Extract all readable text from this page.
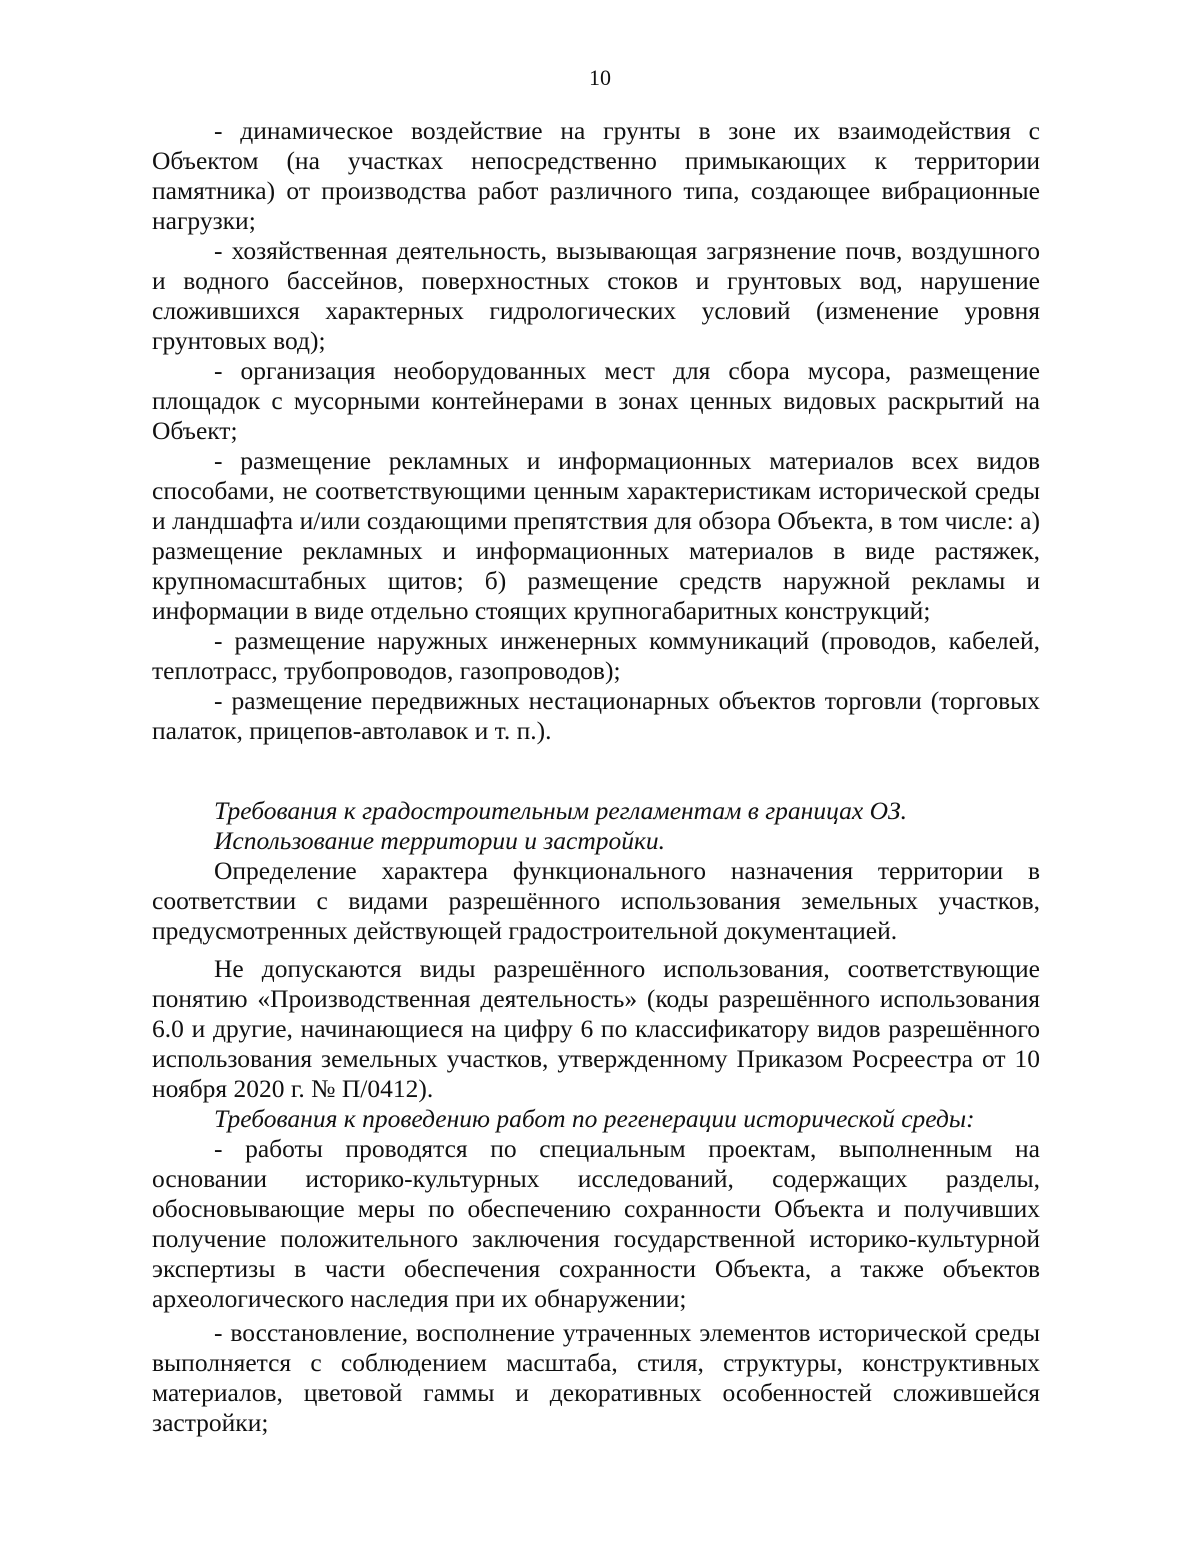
10

- динамическое воздействие на грунты в зоне их взаимодействия с Объектом (на участках непосредственно примыкающих к территории памятника) от производства работ различного типа, создающее вибрационные нагрузки;

- хозяйственная деятельность, вызывающая загрязнение почв, воздушного и водного бассейнов, поверхностных стоков и грунтовых вод, нарушение сложившихся характерных гидрологических условий (изменение уровня грунтовых вод);

- организация необорудованных мест для сбора мусора, размещение площадок с мусорными контейнерами в зонах ценных видовых раскрытий на Объект;

- размещение рекламных и информационных материалов всех видов способами, не соответствующими ценным характеристикам исторической среды и ландшафта и/или создающими препятствия для обзора Объекта, в том числе: а) размещение рекламных и информационных материалов в виде растяжек, крупномасштабных щитов; б) размещение средств наружной рекламы и информации в виде отдельно стоящих крупногабаритных конструкций;

- размещение наружных инженерных коммуникаций (проводов, кабелей, теплотрасс, трубопроводов, газопроводов);

- размещение передвижных нестационарных объектов торговли (торговых палаток, прицепов-автолавок и т. п.).

Требования к градостроительным регламентам в границах ОЗ.

Использование территории и застройки.

Определение характера функционального назначения территории в соответствии с видами разрешённого использования земельных участков, предусмотренных действующей градостроительной документацией.

Не допускаются виды разрешённого использования, соответствующие понятию «Производственная деятельность» (коды разрешённого использования 6.0 и другие, начинающиеся на цифру 6 по классификатору видов разрешённого использования земельных участков, утвержденному Приказом Росреестра от 10 ноября 2020 г. № П/0412).

Требования к проведению работ по регенерации исторической среды:

- работы проводятся по специальным проектам, выполненным на основании историко-культурных исследований, содержащих разделы, обосновывающие меры по обеспечению сохранности Объекта и получивших получение положительного заключения государственной историко-культурной экспертизы в части обеспечения сохранности Объекта, а также объектов археологического наследия при их обнаружении;

- восстановление, восполнение утраченных элементов исторической среды выполняется с соблюдением масштаба, стиля, структуры, конструктивных материалов, цветовой гаммы и декоративных особенностей сложившейся застройки;
